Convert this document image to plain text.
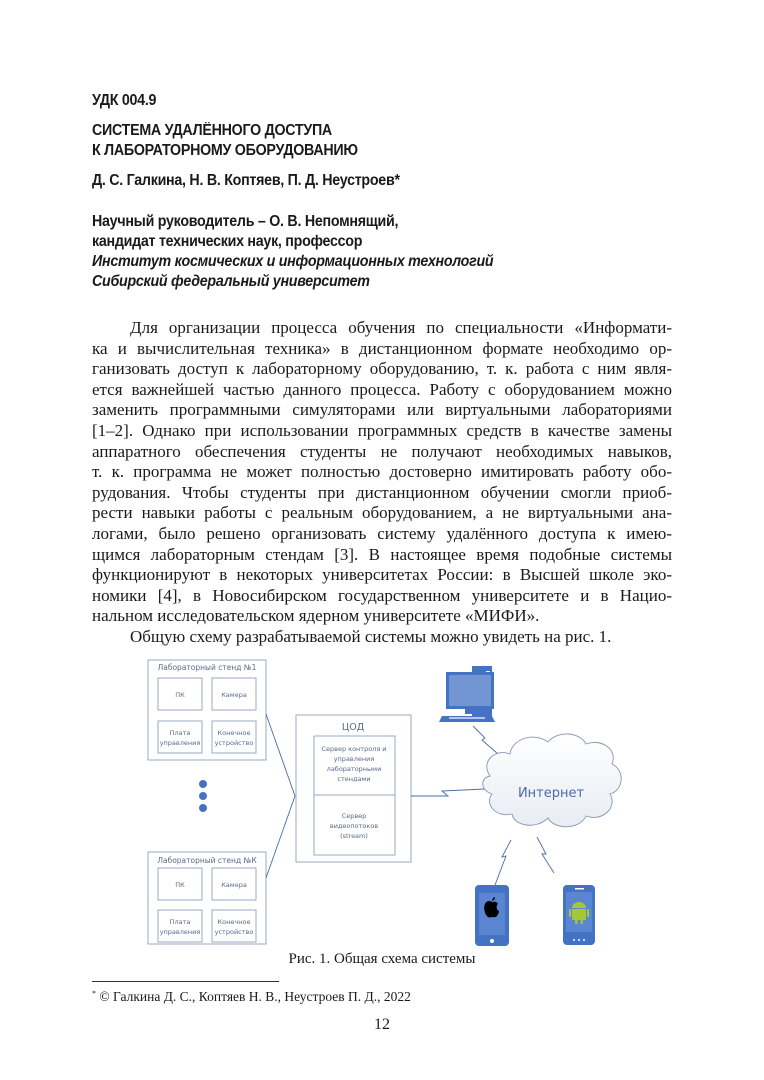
УДК 004.9
СИСТЕМА УДАЛЁННОГО ДОСТУПА
К ЛАБОРАТОРНОМУ ОБОРУДОВАНИЮ
Д. С. Галкина, Н. В. Коптяев, П. Д. Неустроев*
Научный руководитель – О. В. Непомнящий,
кандидат технических наук, профессор
Институт космических и информационных технологий
Сибирский федеральный университет
Для организации процесса обучения по специальности «Информати-
ка и вычислительная техника» в дистанционном формате необходимо ор-
ганизовать доступ к лабораторному оборудованию, т. к. работа с ним явля-
ется важнейшей частью данного процесса. Работу с оборудованием можно
заменить программными симуляторами или виртуальными лабораториями
[1–2]. Однако при использовании программных средств в качестве замены
аппаратного обеспечения студенты не получают необходимых навыков,
т. к. программа не может полностью достоверно имитировать работу обо-
рудования. Чтобы студенты при дистанционном обучении смогли приоб-
рести навыки работы с реальным оборудованием, а не виртуальными ана-
логами, было решено организовать систему удалённого доступа к имею-
щимся лабораторным стендам [3]. В настоящее время подобные системы
функционируют в некоторых университетах России: в Высшей школе эко-
номики [4], в Новосибирском государственном университете и в Нацио-
нальном исследовательском ядерном университете «МИФИ».
Общую схему разрабатываемой системы можно увидеть на рис. 1.
Лабораторный стенд №1
ПК	Камера
Плата
управления
Конечное
устройство
Лабораторный стенд №К
ПК	Камера
Плата
управления
Конечное
устройство
ЦОД
Сервер контроля и
управления
лабораторными
стендами
Сервер
видеопотоков
(stream)
Интернет
Рис. 1. Общая схема системы
* © Галкина Д. С., Коптяев Н. В., Неустроев П. Д., 2022
12
